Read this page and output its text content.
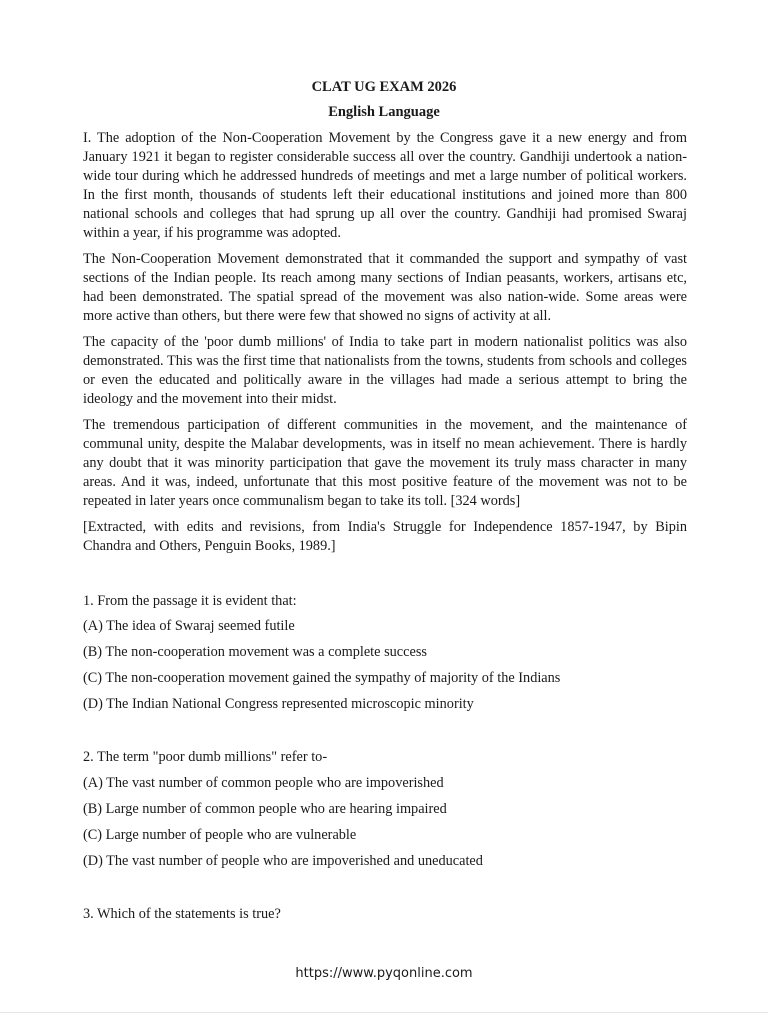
CLAT UG EXAM 2026
English Language

I. The adoption of the Non-Cooperation Movement by the Congress gave it a new energy and from January 1921 it began to register considerable success all over the country. Gandhiji undertook a nation-wide tour during which he addressed hundreds of meetings and met a large number of political workers. In the first month, thousands of students left their educational institutions and joined more than 800 national schools and colleges that had sprung up all over the country. Gandhiji had promised Swaraj within a year, if his programme was adopted.

The Non-Cooperation Movement demonstrated that it commanded the support and sympathy of vast sections of the Indian people. Its reach among many sections of Indian peasants, workers, artisans etc, had been demonstrated. The spatial spread of the movement was also nation-wide. Some areas were more active than others, but there were few that showed no signs of activity at all.

The capacity of the 'poor dumb millions' of India to take part in modern nationalist politics was also demonstrated. This was the first time that nationalists from the towns, students from schools and colleges or even the educated and politically aware in the villages had made a serious attempt to bring the ideology and the movement into their midst.

The tremendous participation of different communities in the movement, and the maintenance of communal unity, despite the Malabar developments, was in itself no mean achievement. There is hardly any doubt that it was minority participation that gave the movement its truly mass character in many areas. And it was, indeed, unfortunate that this most positive feature of the movement was not to be repeated in later years once communalism began to take its toll. [324 words]

[Extracted, with edits and revisions, from India's Struggle for Independence 1857-1947, by Bipin Chandra and Others, Penguin Books, 1989.]

1. From the passage it is evident that:
(A) The idea of Swaraj seemed futile
(B) The non-cooperation movement was a complete success
(C) The non-cooperation movement gained the sympathy of majority of the Indians
(D) The Indian National Congress represented microscopic minority
2. The term "poor dumb millions" refer to-
(A) The vast number of common people who are impoverished
(B) Large number of common people who are hearing impaired
(C) Large number of people who are vulnerable
(D) The vast number of people who are impoverished and uneducated
3. Which of the statements is true?
https://www.pyqonline.com
